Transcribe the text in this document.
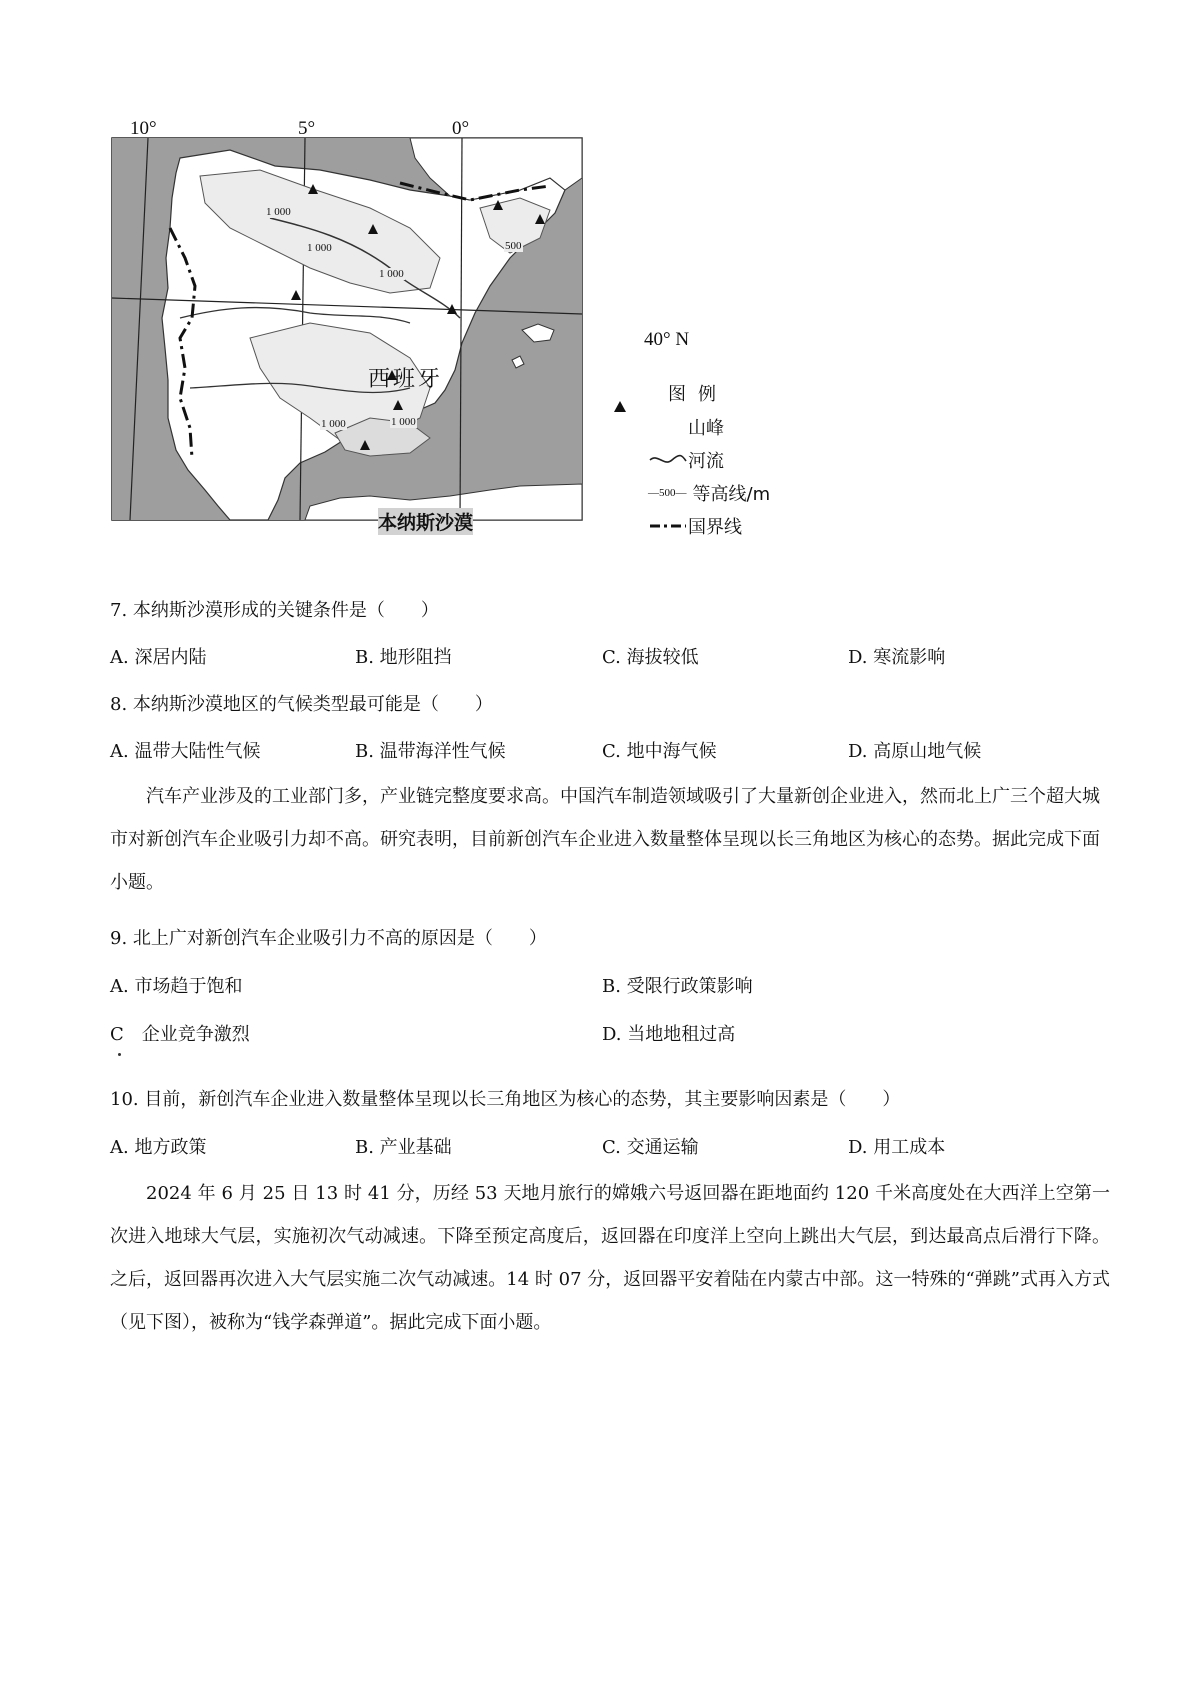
10°	5°	0°
40° N
西班牙
本纳斯沙漠
1 000
1 000
1 000
500
1 000	1 000
图例
山峰
河流
—500— 等高线/m
国界线
7. 本纳斯沙漠形成的关键条件是（　　）
A. 深居内陆	B. 地形阻挡	C. 海拔较低	D. 寒流影响
8. 本纳斯沙漠地区的气候类型最可能是（　　）
A. 温带大陆性气候	B. 温带海洋性气候	C. 地中海气候	D. 高原山地气候
汽车产业涉及的工业部门多，产业链完整度要求高。中国汽车制造领域吸引了大量新创企业进入，然而北上广三个超大城市对新创汽车企业吸引力却不高。研究表明，目前新创汽车企业进入数量整体呈现以长三角地区为核心的态势。据此完成下面小题。
9. 北上广对新创汽车企业吸引力不高的原因是（　　）
A. 市场趋于饱和	B. 受限行政策影响
C　企业竞争激烈	D. 当地地租过高
10. 目前，新创汽车企业进入数量整体呈现以长三角地区为核心的态势，其主要影响因素是（　　）
A. 地方政策	B. 产业基础	C. 交通运输	D. 用工成本
2024 年 6 月 25 日 13 时 41 分，历经 53 天地月旅行的嫦娥六号返回器在距地面约 120 千米高度处在大西洋上空第一次进入地球大气层，实施初次气动减速。下降至预定高度后，返回器在印度洋上空向上跳出大气层，到达最高点后滑行下降。之后，返回器再次进入大气层实施二次气动减速。14 时 07 分，返回器平安着陆在内蒙古中部。这一特殊的“弹跳”式再入方式（见下图），被称为“钱学森弹道”。据此完成下面小题。
